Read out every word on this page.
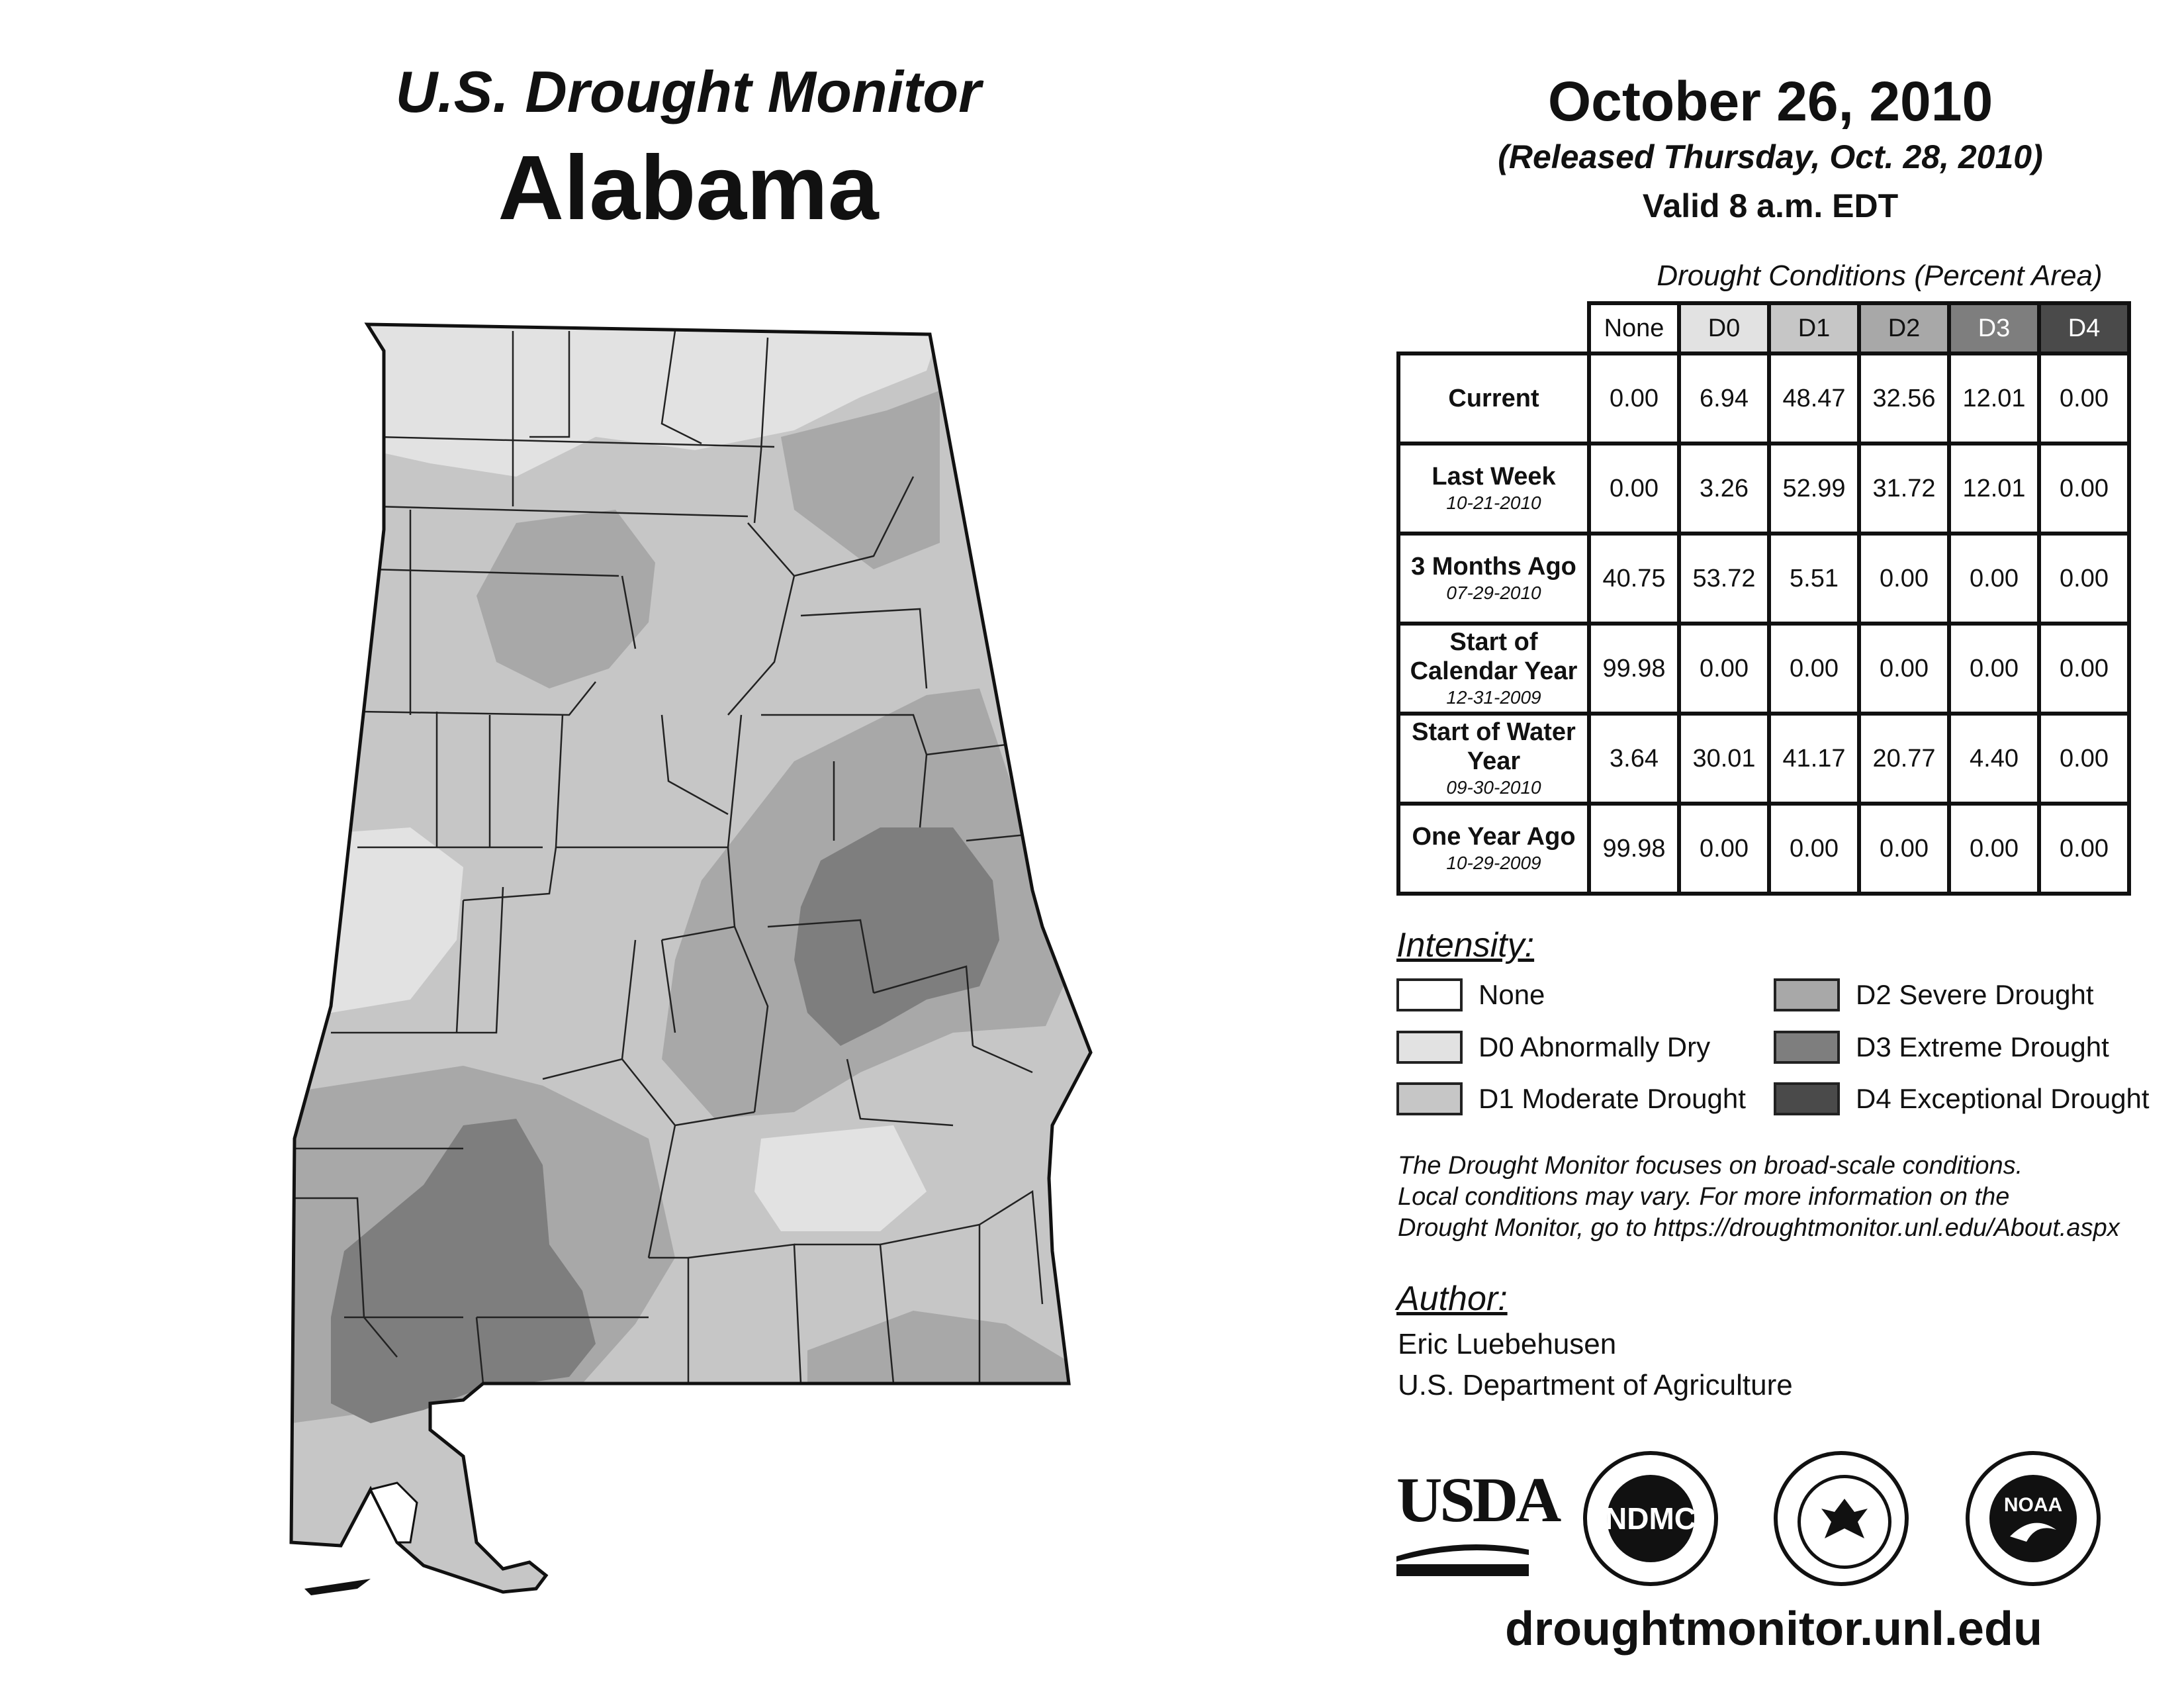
U.S. Drought Monitor
Alabama
October 26, 2010
(Released Thursday, Oct. 28, 2010)
Valid 8 a.m. EDT
Drought Conditions (Percent Area)
	None	D0	D1	D2	D3	D4
Current	0.00	6.94	48.47	32.56	12.01	0.00
Last Week
10-21-2010	0.00	3.26	52.99	31.72	12.01	0.00
3 Months Ago
07-29-2010	40.75	53.72	5.51	0.00	0.00	0.00
Start of Calendar Year
12-31-2009	99.98	0.00	0.00	0.00	0.00	0.00
Start of Water Year
09-30-2010	3.64	30.01	41.17	20.77	4.40	0.00
One Year Ago
10-29-2009	99.98	0.00	0.00	0.00	0.00	0.00
Intensity:
None
D0 Abnormally Dry
D1 Moderate Drought
D2 Severe Drought
D3 Extreme Drought
D4 Exceptional Drought
The Drought Monitor focuses on broad-scale conditions.
Local conditions may vary. For more information on the
Drought Monitor, go to https://droughtmonitor.unl.edu/About.aspx
Author:
Eric Luebehusen
U.S. Department of Agriculture
USDA NDMC	NOAA
droughtmonitor.unl.edu
